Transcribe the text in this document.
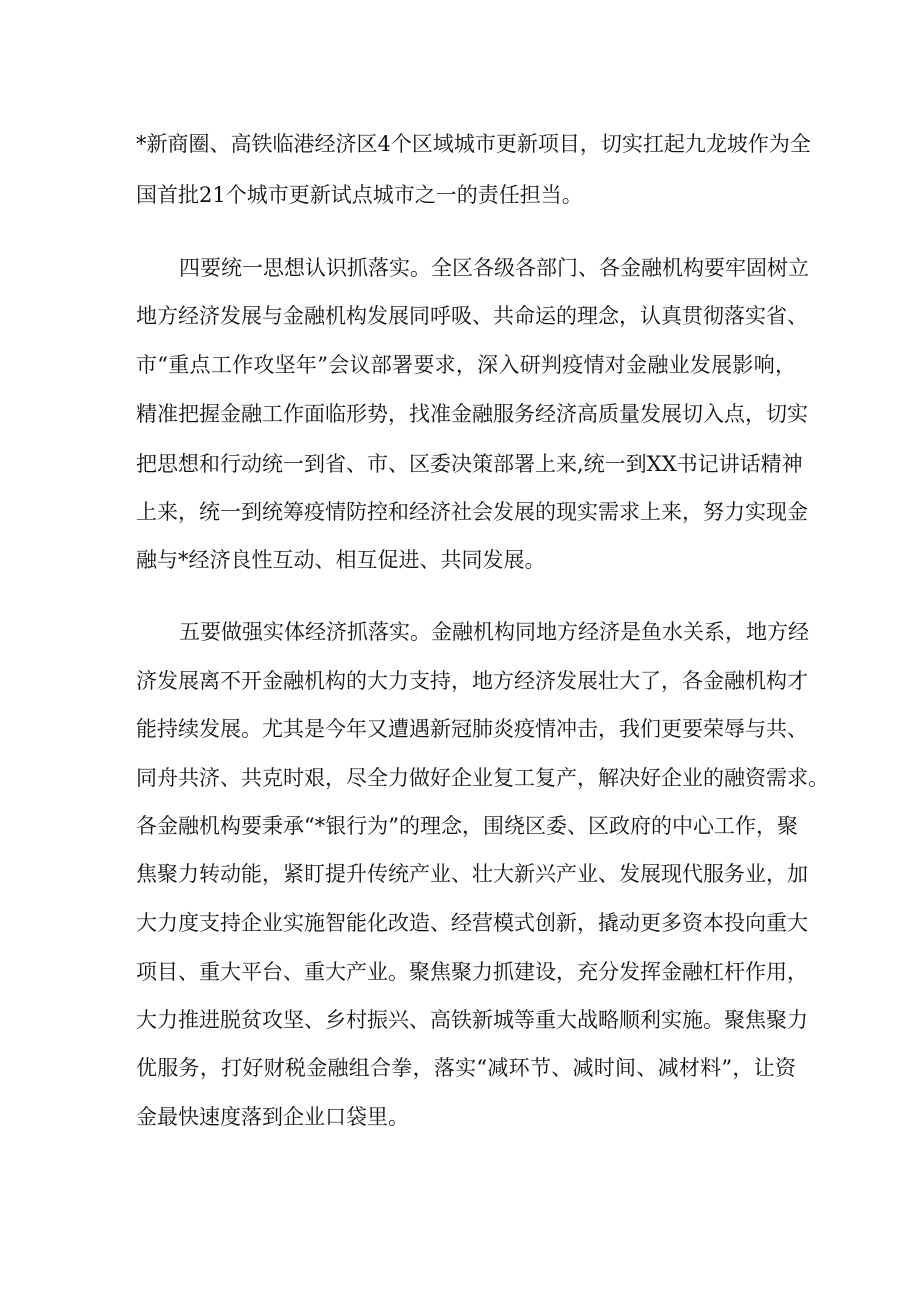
*新商圈、高铁临港经济区4个区域城市更新项目，切实扛起九龙坡作为全
国首批21个城市更新试点城市之一的责任担当。
四要统一思想认识抓落实。全区各级各部门、各金融机构要牢固树立
地方经济发展与金融机构发展同呼吸、共命运的理念，认真贯彻落实省、
市“重点工作攻坚年”会议部署要求，深入研判疫情对金融业发展影响，
精准把握金融工作面临形势，找准金融服务经济高质量发展切入点，切实
把思想和行动统一到省、市、区委决策部署上来,统一到XX书记讲话精神
上来，统一到统筹疫情防控和经济社会发展的现实需求上来，努力实现金
融与*经济良性互动、相互促进、共同发展。
五要做强实体经济抓落实。金融机构同地方经济是鱼水关系，地方经
济发展离不开金融机构的大力支持，地方经济发展壮大了，各金融机构才
能持续发展。尤其是今年又遭遇新冠肺炎疫情冲击，我们更要荣辱与共、
同舟共济、共克时艰，尽全力做好企业复工复产，解决好企业的融资需求。
各金融机构要秉承“*银行为”的理念，围绕区委、区政府的中心工作，聚
焦聚力转动能，紧盯提升传统产业、壮大新兴产业、发展现代服务业，加
大力度支持企业实施智能化改造、经营模式创新，撬动更多资本投向重大
项目、重大平台、重大产业。聚焦聚力抓建设，充分发挥金融杠杆作用，
大力推进脱贫攻坚、乡村振兴、高铁新城等重大战略顺利实施。聚焦聚力
优服务，打好财税金融组合拳，落实“减环节、减时间、减材料”，让资
金最快速度落到企业口袋里。
